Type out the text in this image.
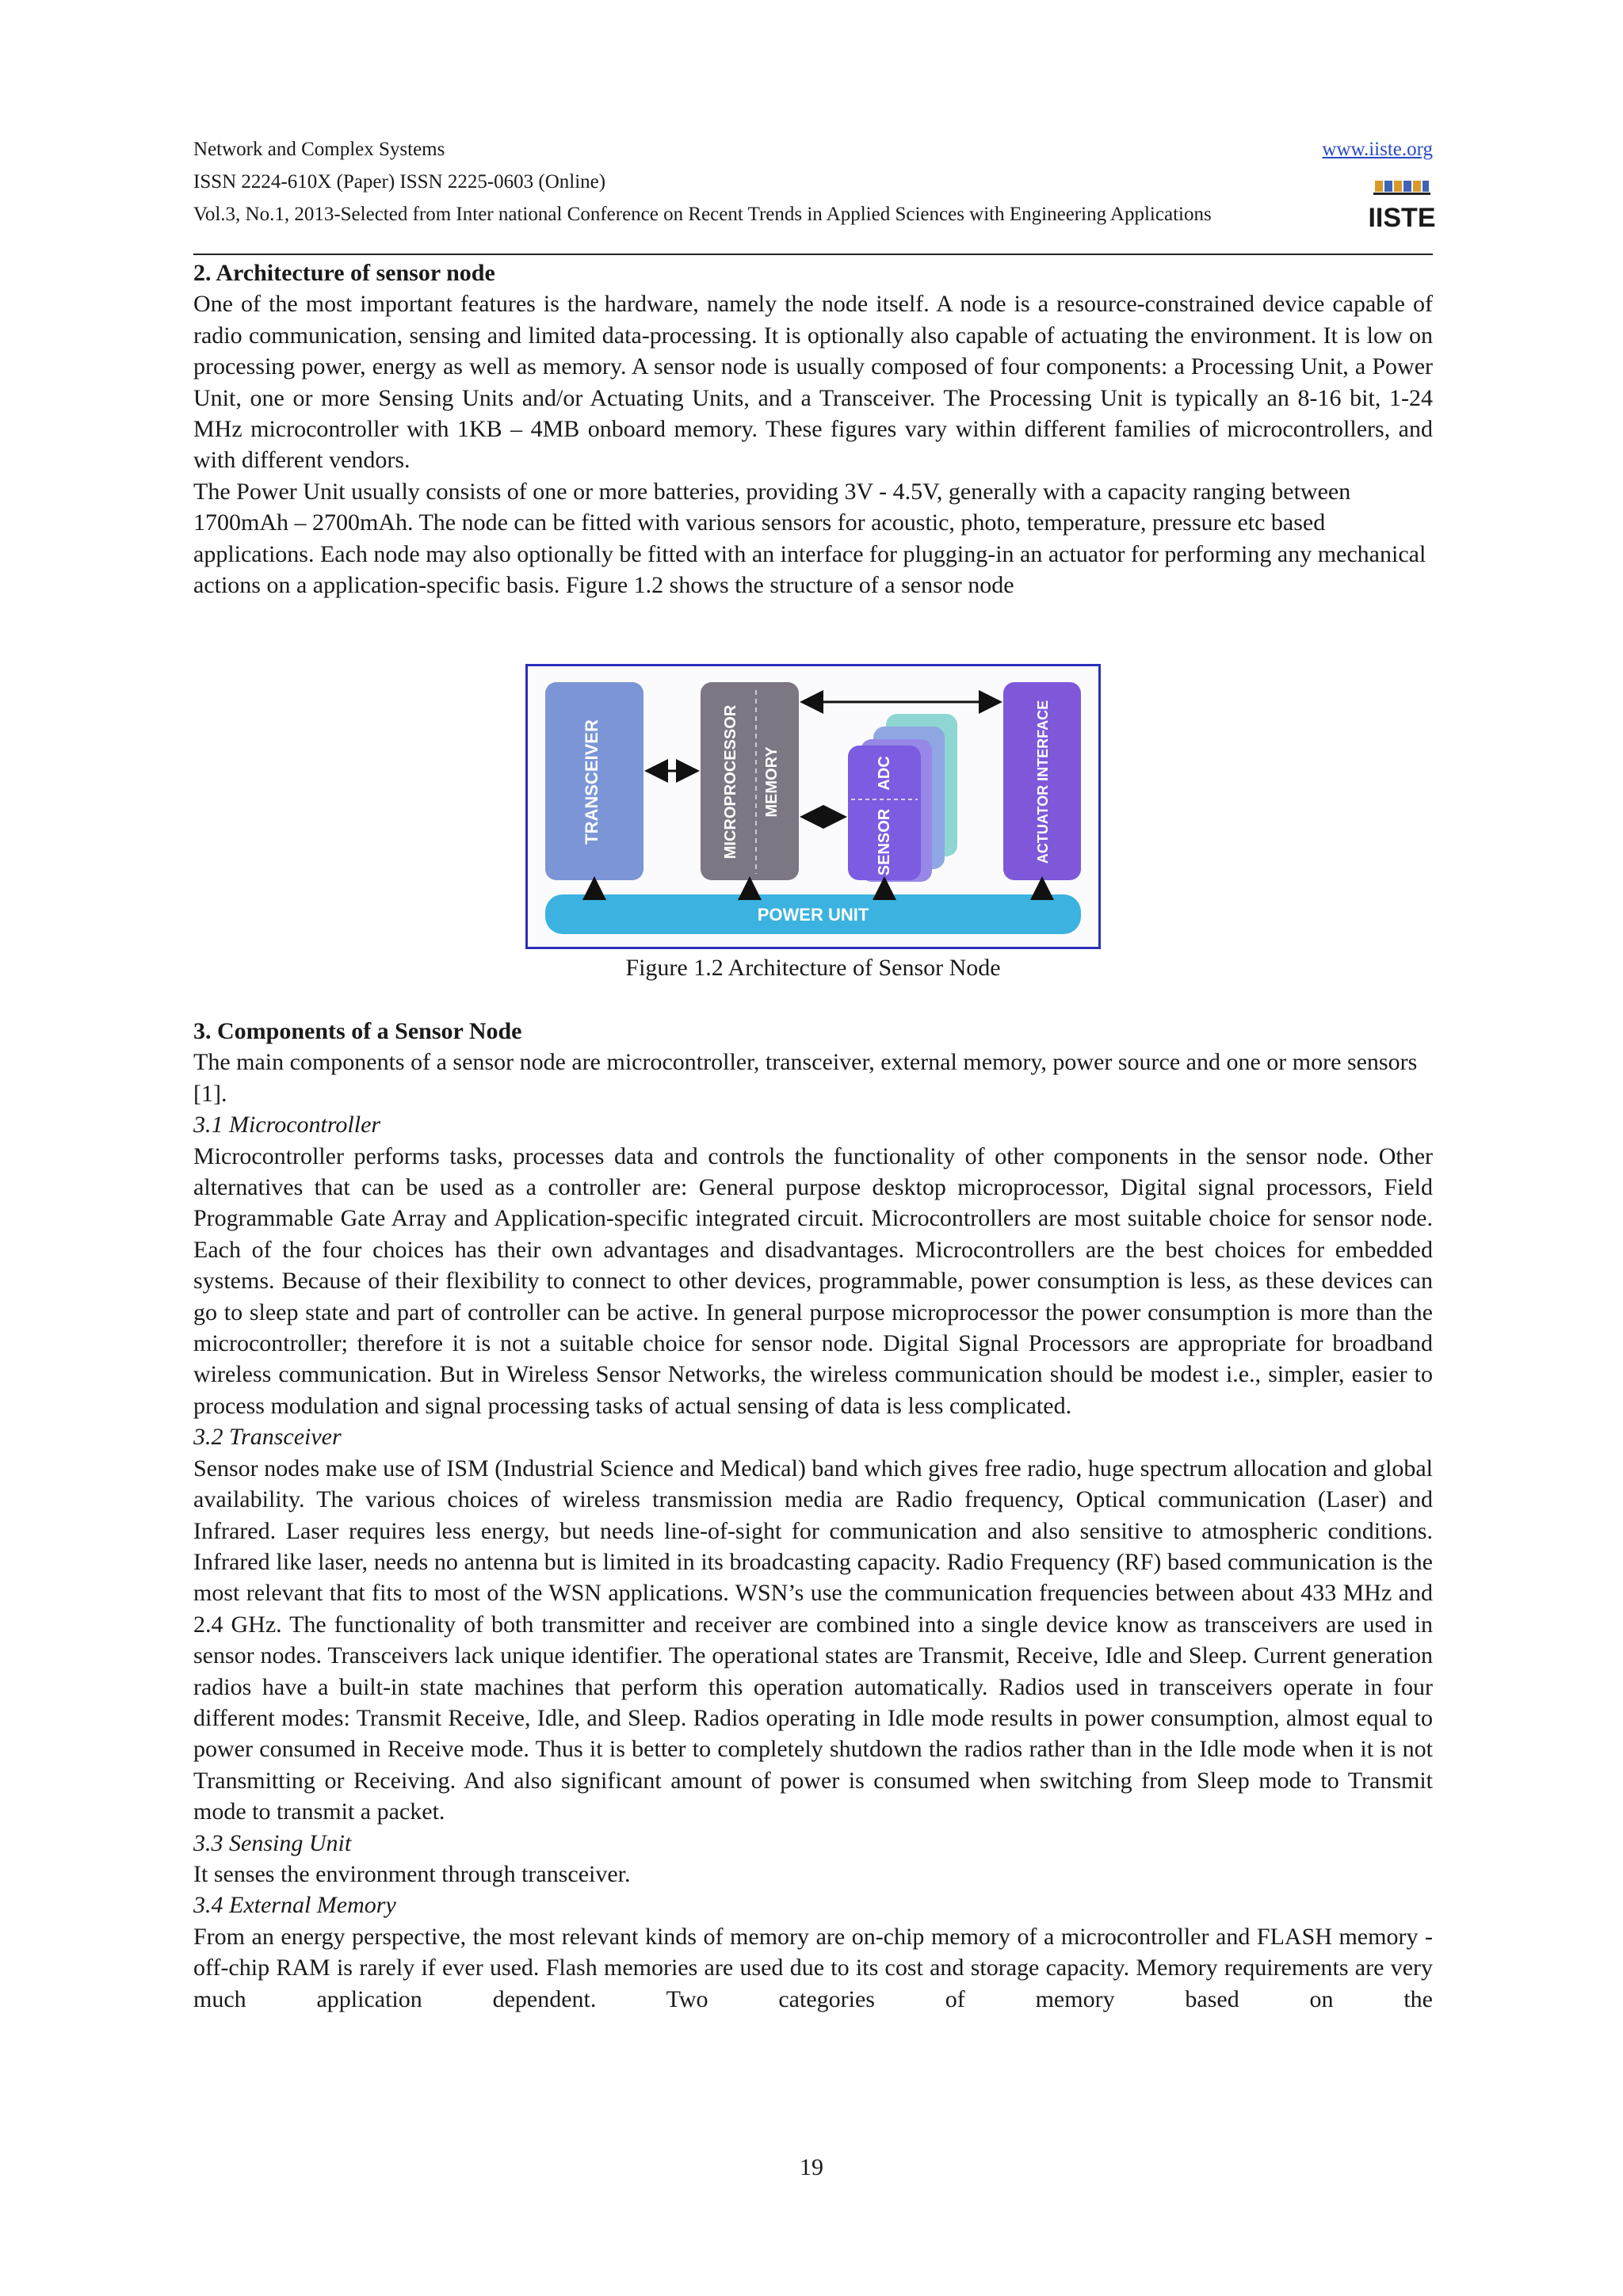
Network and Complex Systems	www.iiste.org
ISSN 2224-610X (Paper) ISSN 2225-0603 (Online)
Vol.3, No.1, 2013-Selected from Inter national Conference on Recent Trends in Applied Sciences with Engineering Applications	IISTE
2. Architecture of sensor node

One of the most important features is the hardware, namely the node itself. A node is a resource-constrained device capable of radio communication, sensing and limited data-processing. It is optionally also capable of actuating the environment. It is low on processing power, energy as well as memory. A sensor node is usually composed of four components: a Processing Unit, a Power Unit, one or more Sensing Units and/or Actuating Units, and a Transceiver. The Processing Unit is typically an 8-16 bit, 1-24 MHz microcontroller with 1KB – 4MB onboard memory. These figures vary within different families of microcontrollers, and with different vendors.

The Power Unit usually consists of one or more batteries, providing 3V - 4.5V, generally with a capacity ranging between 1700mAh – 2700mAh. The node can be fitted with various sensors for acoustic, photo, temperature, pressure etc based applications. Each node may also optionally be fitted with an interface for plugging-in an actuator for performing any mechanical actions on a application-specific basis. Figure 1.2 shows the structure of a sensor node

TRANSCEIVER	MICROPROCESSOR MEMORY	ADC
SENSOR	ACTUATOR INTERFACE
POWER UNIT
Figure 1.2 Architecture of Sensor Node
3. Components of a Sensor Node

The main components of a sensor node are microcontroller, transceiver, external memory, power source and one or more sensors [1].

3.1 Microcontroller

Microcontroller performs tasks, processes data and controls the functionality of other components in the sensor node. Other alternatives that can be used as a controller are: General purpose desktop microprocessor, Digital signal processors, Field Programmable Gate Array and Application-specific integrated circuit. Microcontrollers are most suitable choice for sensor node. Each of the four choices has their own advantages and disadvantages. Microcontrollers are the best choices for embedded systems. Because of their flexibility to connect to other devices, programmable, power consumption is less, as these devices can go to sleep state and part of controller can be active. In general purpose microprocessor the power consumption is more than the microcontroller; therefore it is not a suitable choice for sensor node. Digital Signal Processors are appropriate for broadband wireless communication. But in Wireless Sensor Networks, the wireless communication should be modest i.e., simpler, easier to process modulation and signal processing tasks of actual sensing of data is less complicated.

3.2 Transceiver

Sensor nodes make use of ISM (Industrial Science and Medical) band which gives free radio, huge spectrum allocation and global availability. The various choices of wireless transmission media are Radio frequency, Optical communication (Laser) and Infrared. Laser requires less energy, but needs line-of-sight for communication and also sensitive to atmospheric conditions. Infrared like laser, needs no antenna but is limited in its broadcasting capacity. Radio Frequency (RF) based communication is the most relevant that fits to most of the WSN applications. WSN’s use the communication frequencies between about 433 MHz and 2.4 GHz. The functionality of both transmitter and receiver are combined into a single device know as transceivers are used in sensor nodes. Transceivers lack unique identifier. The operational states are Transmit, Receive, Idle and Sleep. Current generation radios have a built-in state machines that perform this operation automatically. Radios used in transceivers operate in four different modes: Transmit Receive, Idle, and Sleep. Radios operating in Idle mode results in power consumption, almost equal to power consumed in Receive mode. Thus it is better to completely shutdown the radios rather than in the Idle mode when it is not Transmitting or Receiving. And also significant amount of power is consumed when switching from Sleep mode to Transmit mode to transmit a packet.

3.3 Sensing Unit

It senses the environment through transceiver.

3.4 External Memory

From an energy perspective, the most relevant kinds of memory are on-chip memory of a microcontroller and FLASH memory - off-chip RAM is rarely if ever used. Flash memories are used due to its cost and storage capacity. Memory requirements are very much application dependent. Two categories of memory based on the

19
